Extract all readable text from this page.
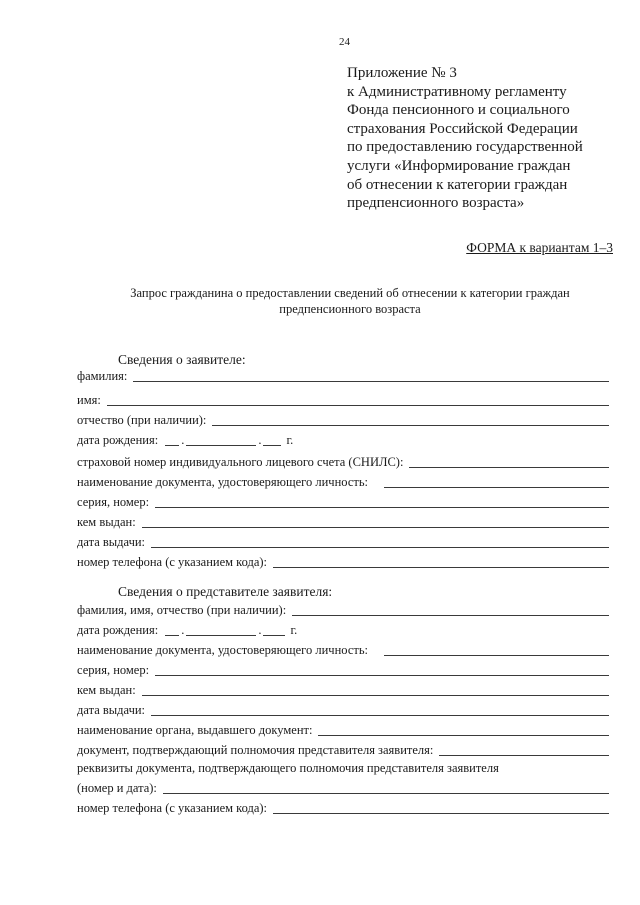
24
Приложение № 3
к Административному регламенту
Фонда пенсионного и социального
страхования Российской Федерации
по предоставлению государственной
услуги «Информирование граждан
об отнесении к категории граждан
предпенсионного возраста»
ФОРМА к вариантам 1–3
Запрос гражданина о предоставлении сведений об отнесении к категории граждан
предпенсионного возраста
Сведения о заявителе:
фамилия:
имя:
отчество (при наличии):
дата рождения:	.	.	г.
страховой номер индивидуального лицевого счета (СНИЛС):
наименование документа, удостоверяющего личность:
серия, номер:
кем выдан:
дата выдачи:
номер телефона (с указанием кода):
Сведения о представителе заявителя:
фамилия, имя, отчество (при наличии):
дата рождения:	.	.	г.
наименование документа, удостоверяющего личность:
серия, номер:
кем выдан:
дата выдачи:
наименование органа, выдавшего документ:
документ, подтверждающий полномочия представителя заявителя:
реквизиты документа, подтверждающего полномочия представителя заявителя
(номер и дата):
номер телефона (с указанием кода):
